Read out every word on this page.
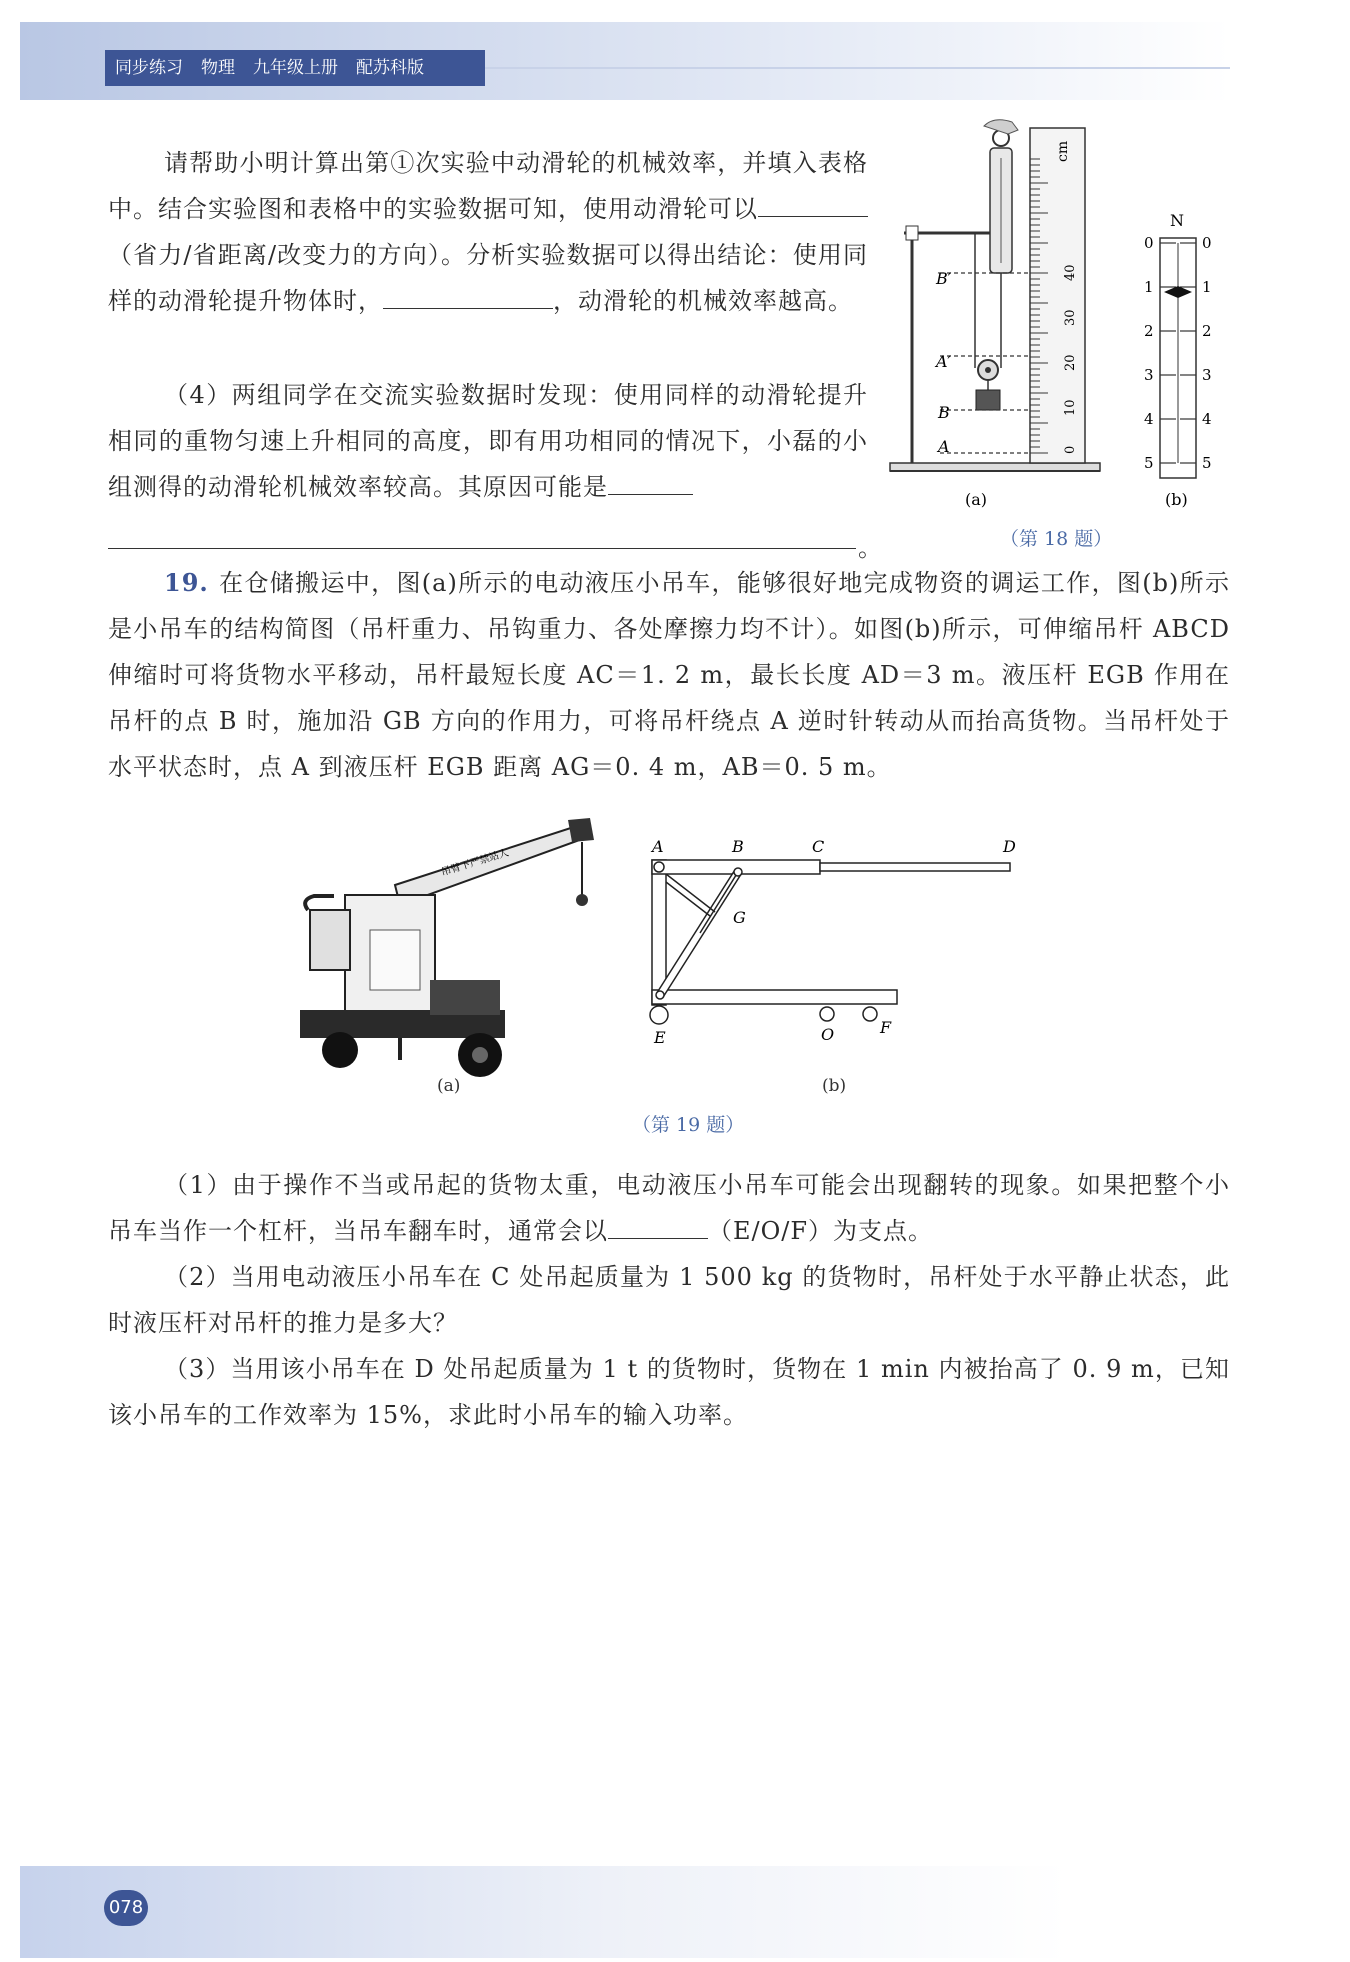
同步练习 物理 九年级上册 配苏科版

请帮助小明计算出第①次实验中动滑轮的机械效率，并填入表格中。结合实验图和表格中的实验数据可知，使用动滑轮可以（省力/省距离/改变力的方向）。分析实验数据可以得出结论：使用同样的动滑轮提升物体时，	，动滑轮的机械效率越高。

（4）两组同学在交流实验数据时发现：使用同样的动滑轮提升相同的重物匀速上升相同的高度，即有用功相同的情况下，小磊的小组测得的动滑轮机械效率较高。其原因可能是

。
cm
0
10
20
30
40
B′
A′
B
A
N
0
1
2
3
4
5
0
1
2
3
4
5
(a)	(b)
（第 18 题）

19. 在仓储搬运中，图(a)所示的电动液压小吊车，能够很好地完成物资的调运工作，图(b)所示是小吊车的结构简图（吊杆重力、吊钩重力、各处摩擦力均不计）。如图(b)所示，可伸缩吊杆 ABCD 伸缩时可将货物水平移动，吊杆最短长度 AC＝1. 2 m，最长长度 AD＝3 m。液压杆 EGB 作用在吊杆的点 B 时，施加沿 GB 方向的作用力，可将吊杆绕点 A 逆时针转动从而抬高货物。当吊杆处于水平状态时，点 A 到液压杆 EGB 距离 AG＝0. 4 m，AB＝0. 5 m。

吊臂下严禁站人
(a)
A	B	C	D
G
E	O	F
(b)
（第 19 题）

（1）由于操作不当或吊起的货物太重，电动液压小吊车可能会出现翻转的现象。如果把整个小吊车当作一个杠杆，当吊车翻车时，通常会以	（E/O/F）为支点。

（2）当用电动液压小吊车在 C 处吊起质量为 1 500 kg 的货物时，吊杆处于水平静止状态，此时液压杆对吊杆的推力是多大？

（3）当用该小吊车在 D 处吊起质量为 1 t 的货物时，货物在 1 min 内被抬高了 0. 9 m，已知该小吊车的工作效率为 15%，求此时小吊车的输入功率。

078
